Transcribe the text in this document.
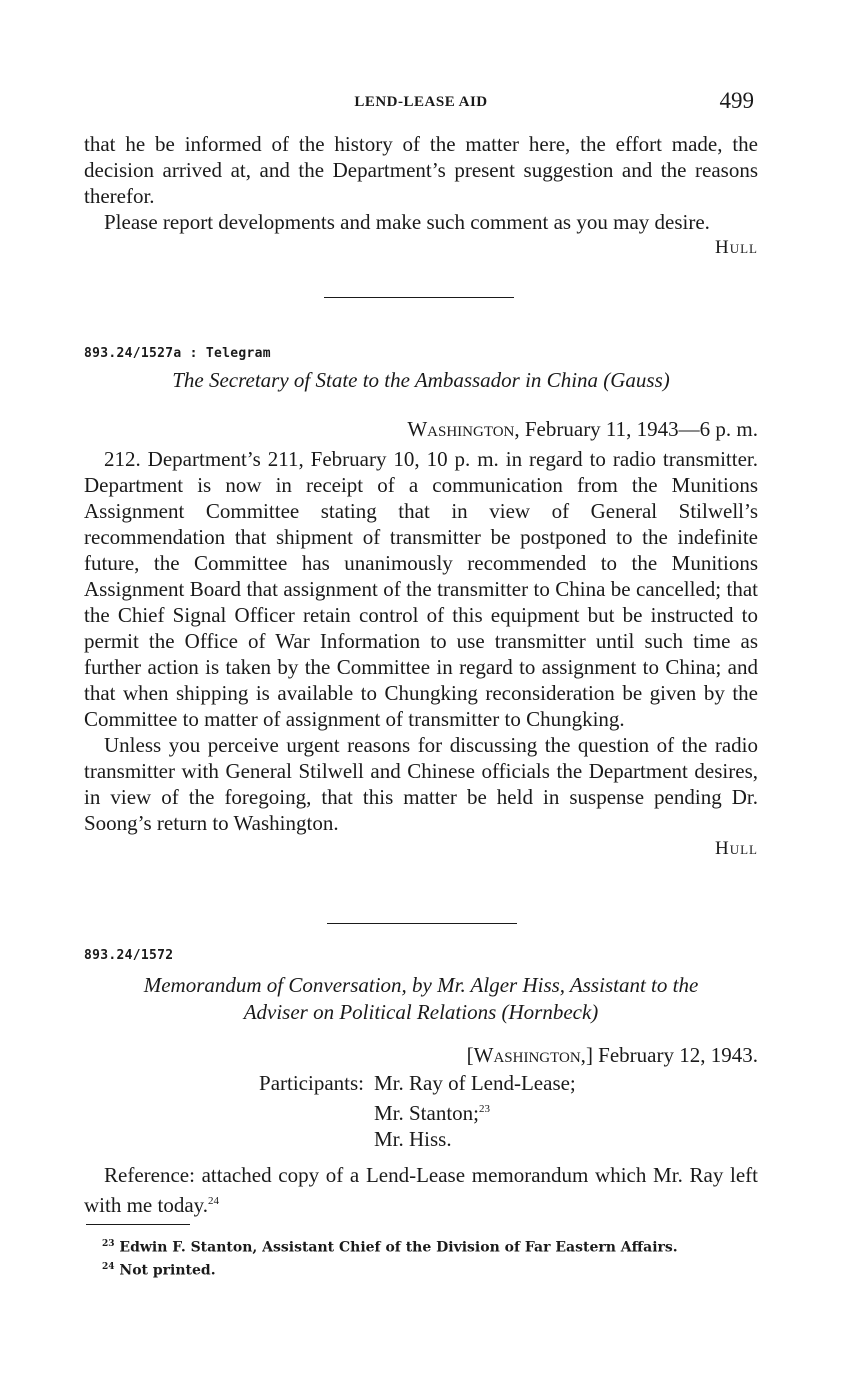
LEND-LEASE AID	499

that he be informed of the history of the matter here, the effort made, the decision arrived at, and the Department’s present suggestion and the reasons therefor.

Please report developments and make such comment as you may desire.

Hull
893.24/1527a : Telegram
The Secretary of State to the Ambassador in China (Gauss)
Washington, February 11, 1943—6 p. m.

212. Department’s 211, February 10, 10 p. m. in regard to radio transmitter. Department is now in receipt of a communication from the Munitions Assignment Committee stating that in view of General Stilwell’s recommendation that shipment of transmitter be postponed to the indefinite future, the Committee has unanimously recommended to the Munitions Assignment Board that assignment of the transmitter to China be cancelled; that the Chief Signal Officer retain control of this equipment but be instructed to permit the Office of War Information to use transmitter until such time as further action is taken by the Committee in regard to assignment to China; and that when shipping is available to Chungking reconsideration be given by the Committee to matter of assignment of transmitter to Chungking.

Unless you perceive urgent reasons for discussing the question of the radio transmitter with General Stilwell and Chinese officials the Department desires, in view of the foregoing, that this matter be held in suspense pending Dr. Soong’s return to Washington.

Hull
893.24/1572
Memorandum of Conversation, by Mr. Alger Hiss, Assistant to the
Adviser on Political Relations (Hornbeck)
[Washington,] February 12, 1943.
Participants: Mr. Ray of Lend-Lease;
Mr. Stanton;$^{23}$
Mr. Hiss.

Reference: attached copy of a Lend-Lease memorandum which Mr. Ray left with me today.$^{24}$

$^{23}$ Edwin F. Stanton, Assistant Chief of the Division of Far Eastern Affairs.
$^{24}$ Not printed.
